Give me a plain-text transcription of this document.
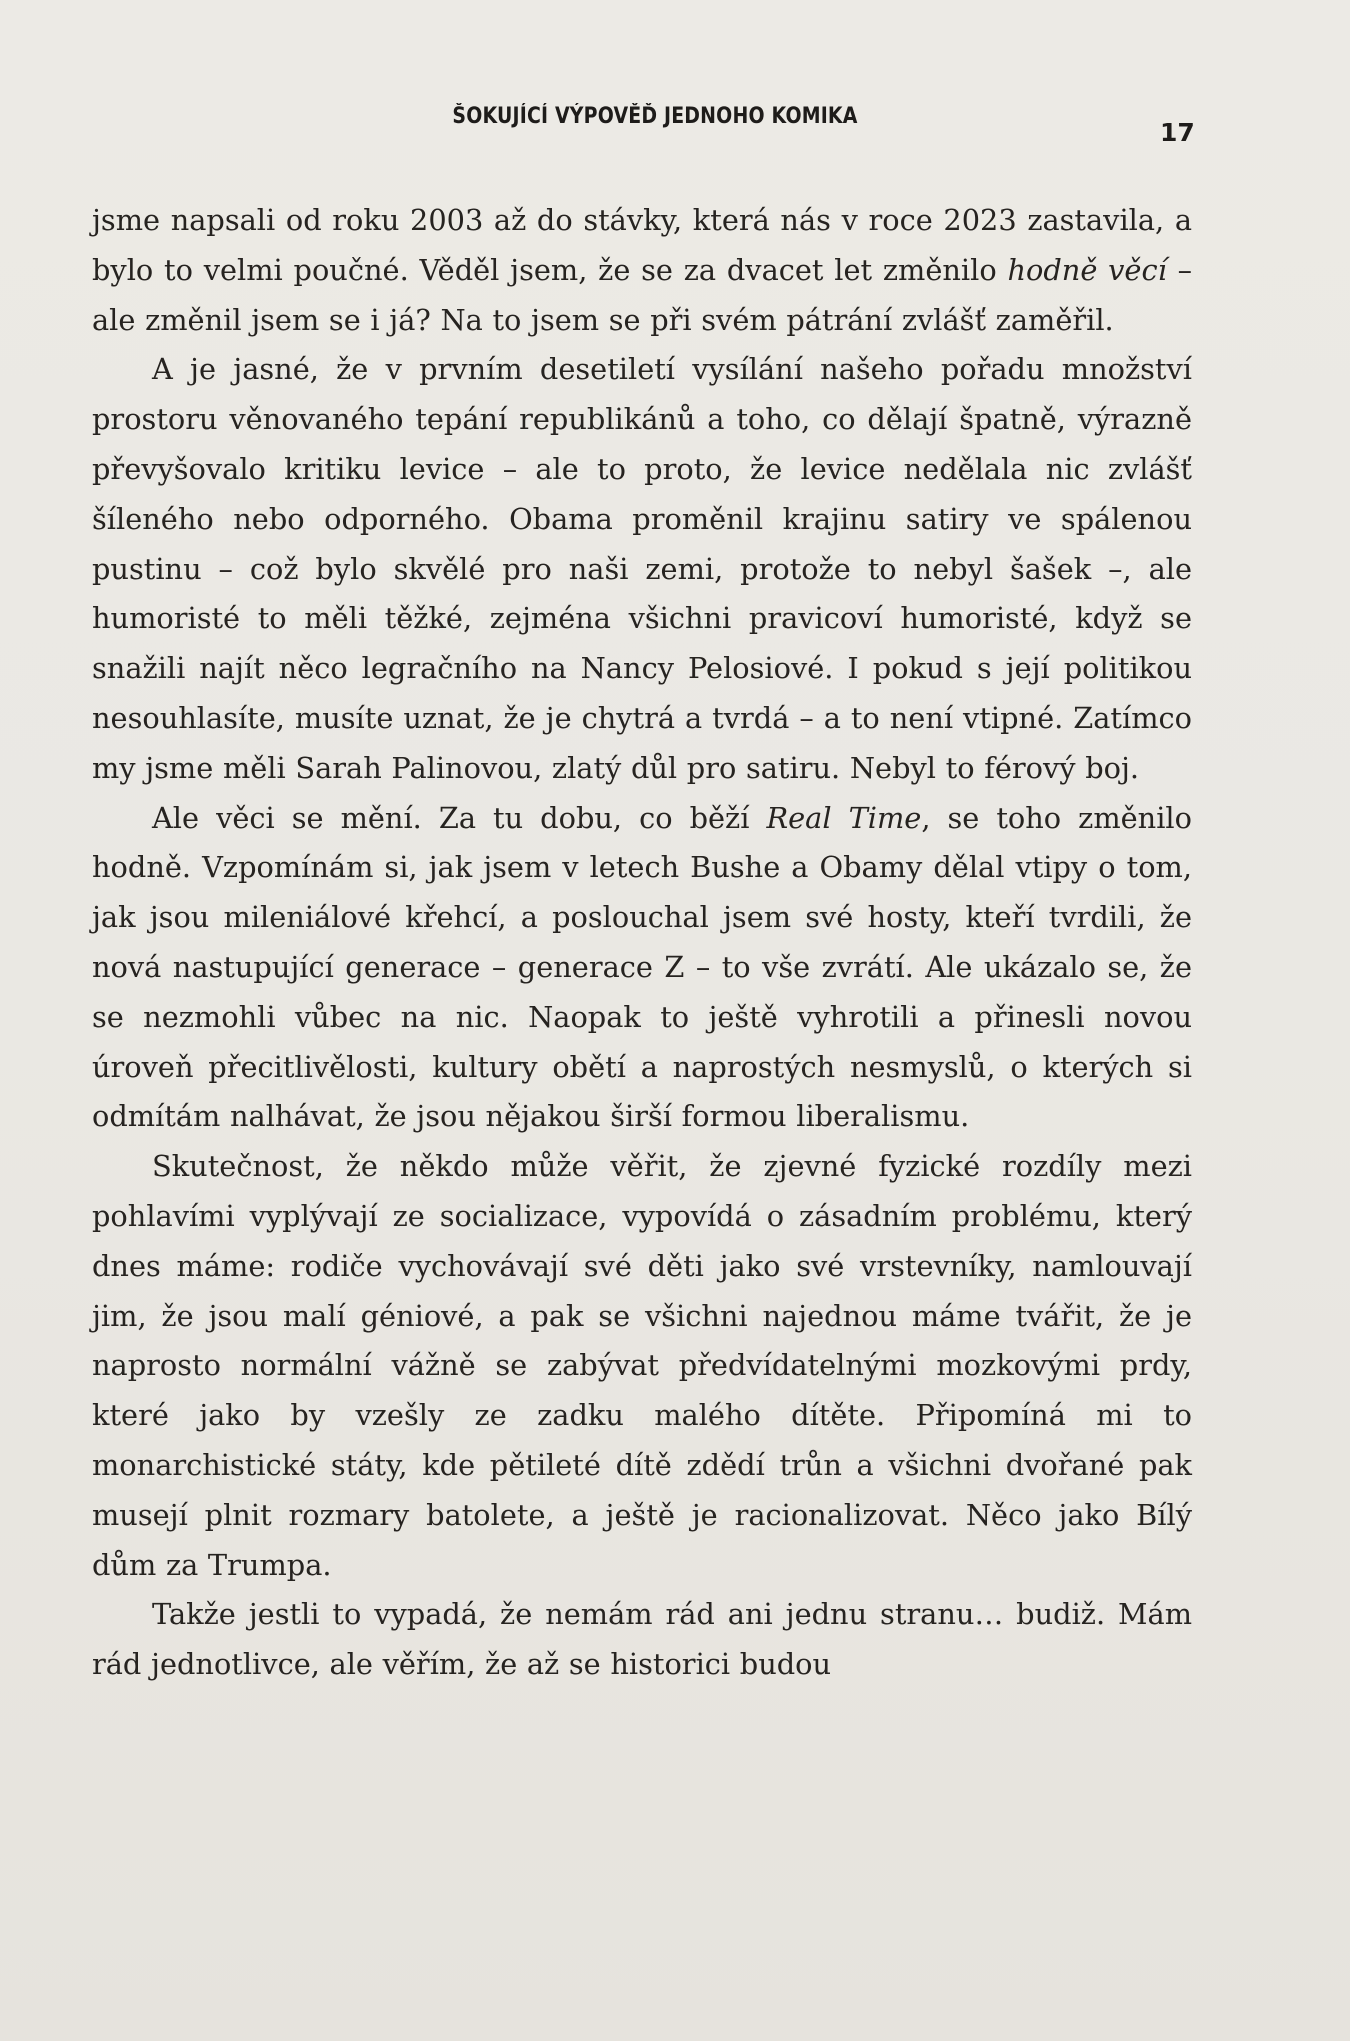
ŠOKUJÍCÍ VÝPOVĚĎ JEDNOHO KOMIKA
17

jsme napsali od roku 2003 až do stávky, která nás v roce 2023 zastavila, a bylo to velmi poučné. Věděl jsem, že se za dvacet let změnilo hodně věcí – ale změnil jsem se i já? Na to jsem se při svém pátrání zvlášť zaměřil.

A je jasné, že v prvním desetiletí vysílání našeho pořadu množství prostoru věnovaného tepání republikánů a toho, co dělají špatně, výrazně převyšovalo kritiku levice – ale to proto, že levice nedělala nic zvlášť šíleného nebo odporného. Obama proměnil krajinu satiry ve spálenou pustinu – což bylo skvělé pro naši zemi, protože to nebyl šašek –, ale humoristé to měli těžké, zejména všichni pravicoví humoristé, když se snažili najít něco legračního na Nancy Pelosiové. I pokud s její politikou nesouhlasíte, musíte uznat, že je chytrá a tvrdá – a to není vtipné. Zatímco my jsme měli Sarah Palinovou, zlatý důl pro satiru. Nebyl to férový boj.

Ale věci se mění. Za tu dobu, co běží Real Time, se toho změnilo hodně. Vzpomínám si, jak jsem v letech Bushe a Obamy dělal vtipy o tom, jak jsou mileniálové křehcí, a poslouchal jsem své hosty, kteří tvrdili, že nová nastupující generace – generace Z – to vše zvrátí. Ale ukázalo se, že se nezmohli vůbec na nic. Naopak to ještě vyhrotili a přinesli novou úroveň přecitlivělosti, kultury obětí a naprostých nesmyslů, o kterých si odmítám nalhávat, že jsou nějakou širší formou liberalismu.

Skutečnost, že někdo může věřit, že zjevné fyzické rozdíly mezi pohlavími vyplývají ze socializace, vypovídá o zásadním problému, který dnes máme: rodiče vychovávají své děti jako své vrstevníky, namlouvají jim, že jsou malí géniové, a pak se všichni najednou máme tvářit, že je naprosto normální vážně se zabývat předvídatelnými mozkovými prdy, které jako by vzešly ze zadku malého dítěte. Připomíná mi to monarchistické státy, kde pětileté dítě zdědí trůn a všichni dvořané pak musejí plnit rozmary batolete, a ještě je racionalizovat. Něco jako Bílý dům za Trumpa.

Takže jestli to vypadá, že nemám rád ani jednu stranu… budiž. Mám rád jednotlivce, ale věřím, že až se historici budou
